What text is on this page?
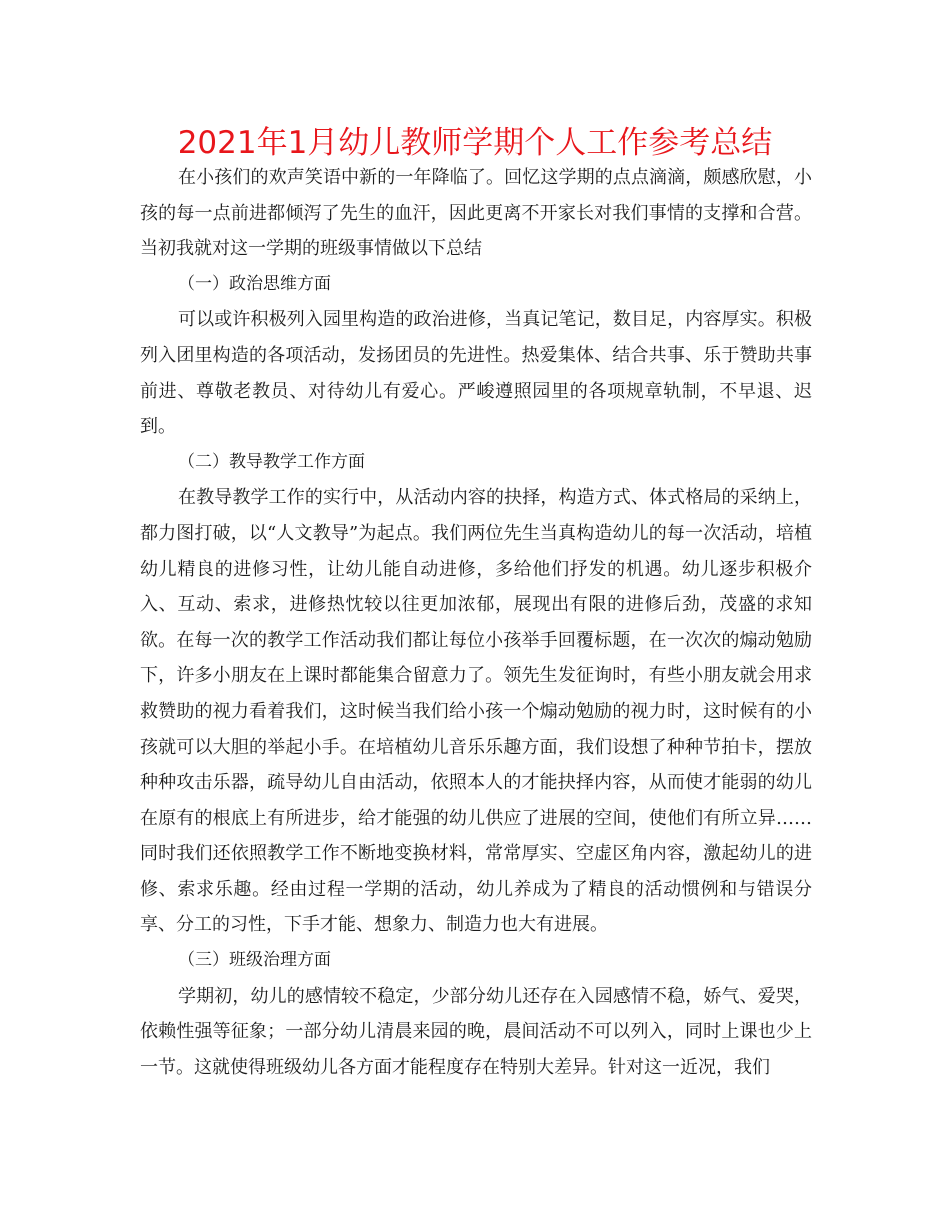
2021年1月幼儿教师学期个人工作参考总结

在小孩们的欢声笑语中新的一年降临了。回忆这学期的点点滴滴，颇感欣慰，小孩的每一点前进都倾泻了先生的血汗，因此更离不开家长对我们事情的支撑和合营。当初我就对这一学期的班级事情做以下总结

（一）政治思维方面

可以或许积极列入园里构造的政治进修，当真记笔记，数目足，内容厚实。积极列入团里构造的各项活动，发扬团员的先进性。热爱集体、结合共事、乐于赞助共事前进、尊敬老教员、对待幼儿有爱心。严峻遵照园里的各项规章轨制，不早退、迟到。

（二）教导教学工作方面

在教导教学工作的实行中，从活动内容的抉择，构造方式、体式格局的采纳上，都力图打破，以“人文教导”为起点。我们两位先生当真构造幼儿的每一次活动，培植幼儿精良的进修习性，让幼儿能自动进修，多给他们抒发的机遇。幼儿逐步积极介入、互动、索求，进修热忱较以往更加浓郁，展现出有限的进修后劲，茂盛的求知欲。在每一次的教学工作活动我们都让每位小孩举手回覆标题，在一次次的煽动勉励下，许多小朋友在上课时都能集合留意力了。领先生发征询时，有些小朋友就会用求救赞助的视力看着我们，这时候当我们给小孩一个煽动勉励的视力时，这时候有的小孩就可以大胆的举起小手。在培植幼儿音乐乐趣方面，我们设想了种种节拍卡，摆放种种攻击乐器，疏导幼儿自由活动，依照本人的才能抉择内容，从而使才能弱的幼儿在原有的根底上有所进步，给才能强的幼儿供应了进展的空间，使他们有所立异……同时我们还依照教学工作不断地变换材料，常常厚实、空虚区角内容，激起幼儿的进修、索求乐趣。经由过程一学期的活动，幼儿养成为了精良的活动惯例和与错误分享、分工的习性，下手才能、想象力、制造力也大有进展。

（三）班级治理方面

学期初，幼儿的感情较不稳定，少部分幼儿还存在入园感情不稳，娇气、爱哭，依赖性强等征象；一部分幼儿清晨来园的晚，晨间活动不可以列入，同时上课也少上一节。这就使得班级幼儿各方面才能程度存在特别大差异。针对这一近况，我们
